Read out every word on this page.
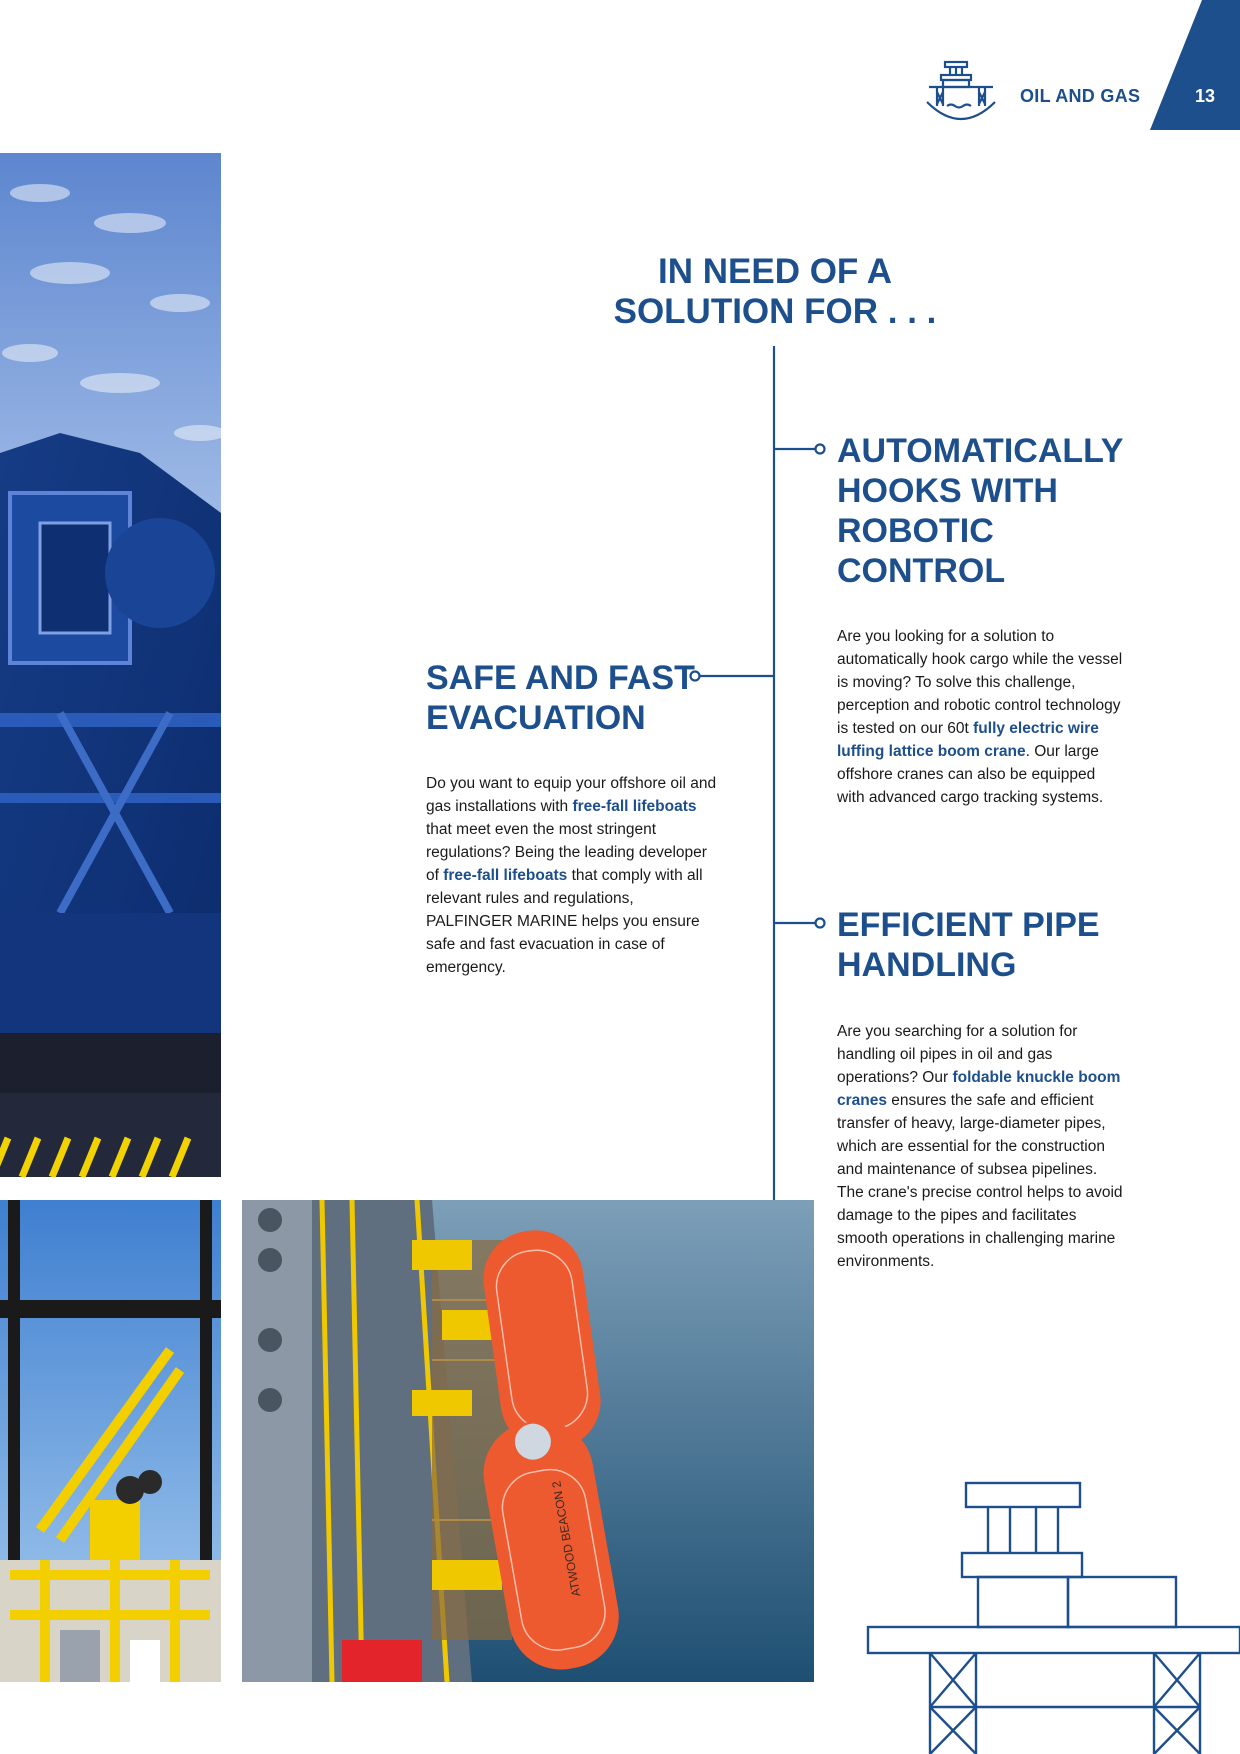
13
OIL AND GAS
ATWOOD BEACON 2
IN NEED OF A
SOLUTION FOR . . .
AUTOMATICALLY
HOOKS WITH
ROBOTIC
CONTROL
Are you looking for a solution to automatically hook cargo while the vessel is moving? To solve this challenge, perception and robotic control technology is tested on our 60t fully electric wire luffing lattice boom crane. Our large offshore cranes can also be equipped with advanced cargo tracking systems.
SAFE AND FAST
EVACUATION
Do you want to equip your offshore oil and gas installations with free-fall lifeboats that meet even the most stringent regulations? Being the leading developer of free-fall lifeboats that comply with all relevant rules and regulations, PALFINGER MARINE helps you ensure safe and fast evacuation in case of emergency.
EFFICIENT PIPE
HANDLING
Are you searching for a solution for handling oil pipes in oil and gas operations? Our foldable knuckle boom cranes ensures the safe and efficient transfer of heavy, large-diameter pipes, which are essential for the construction and maintenance of subsea pipelines. The crane's precise control helps to avoid damage to the pipes and facilitates smooth operations in challenging marine environments.
